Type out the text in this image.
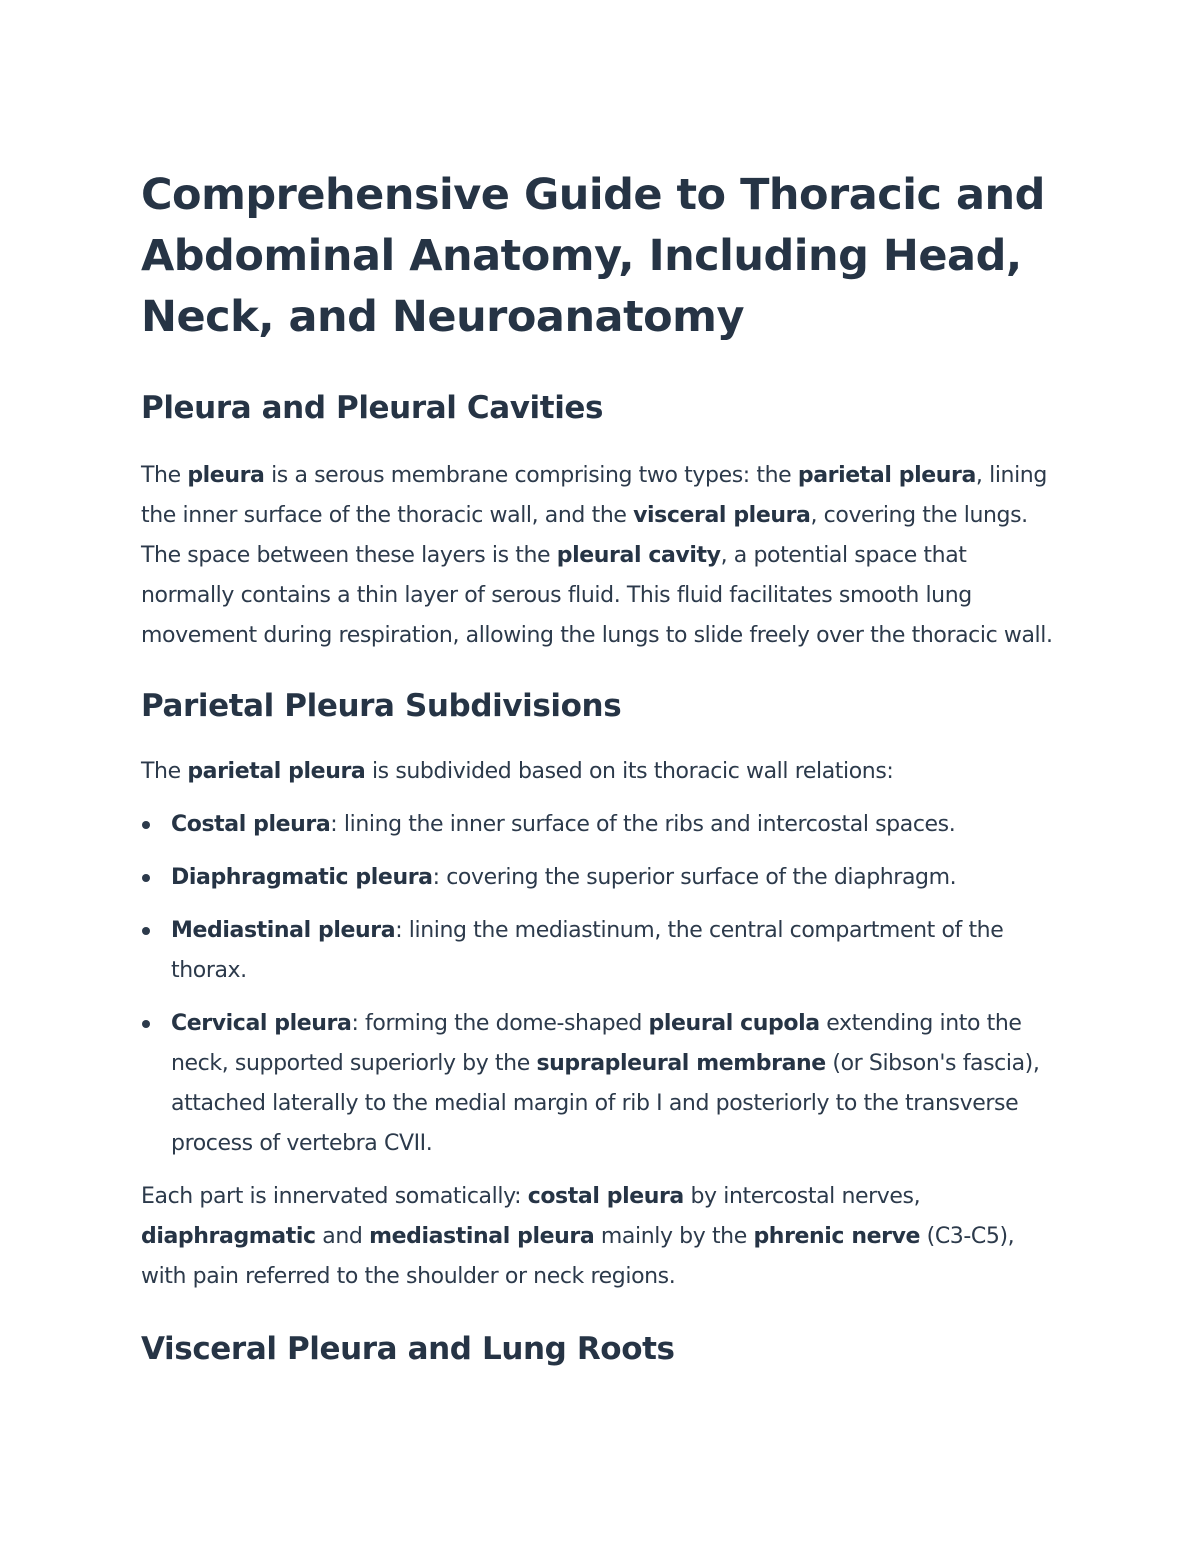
Comprehensive Guide to Thoracic and Abdominal Anatomy, Including Head, Neck, and Neuroanatomy
Pleura and Pleural Cavities

The pleura is a serous membrane comprising two types: the parietal pleura, lining the inner surface of the thoracic wall, and the visceral pleura, covering the lungs. The space between these layers is the pleural cavity, a potential space that normally contains a thin layer of serous fluid. This fluid facilitates smooth lung movement during respiration, allowing the lungs to slide freely over the thoracic wall.

Parietal Pleura Subdivisions

The parietal pleura is subdivided based on its thoracic wall relations:

Costal pleura: lining the inner surface of the ribs and intercostal spaces.
Diaphragmatic pleura: covering the superior surface of the diaphragm.
Mediastinal pleura: lining the mediastinum, the central compartment of the thorax.
Cervical pleura: forming the dome-shaped pleural cupola extending into the neck, supported superiorly by the suprapleural membrane (or Sibson's fascia), attached laterally to the medial margin of rib I and posteriorly to the transverse process of vertebra CVII.

Each part is innervated somatically: costal pleura by intercostal nerves, diaphragmatic and mediastinal pleura mainly by the phrenic nerve (C3-C5), with pain referred to the shoulder or neck regions.

Visceral Pleura and Lung Roots
